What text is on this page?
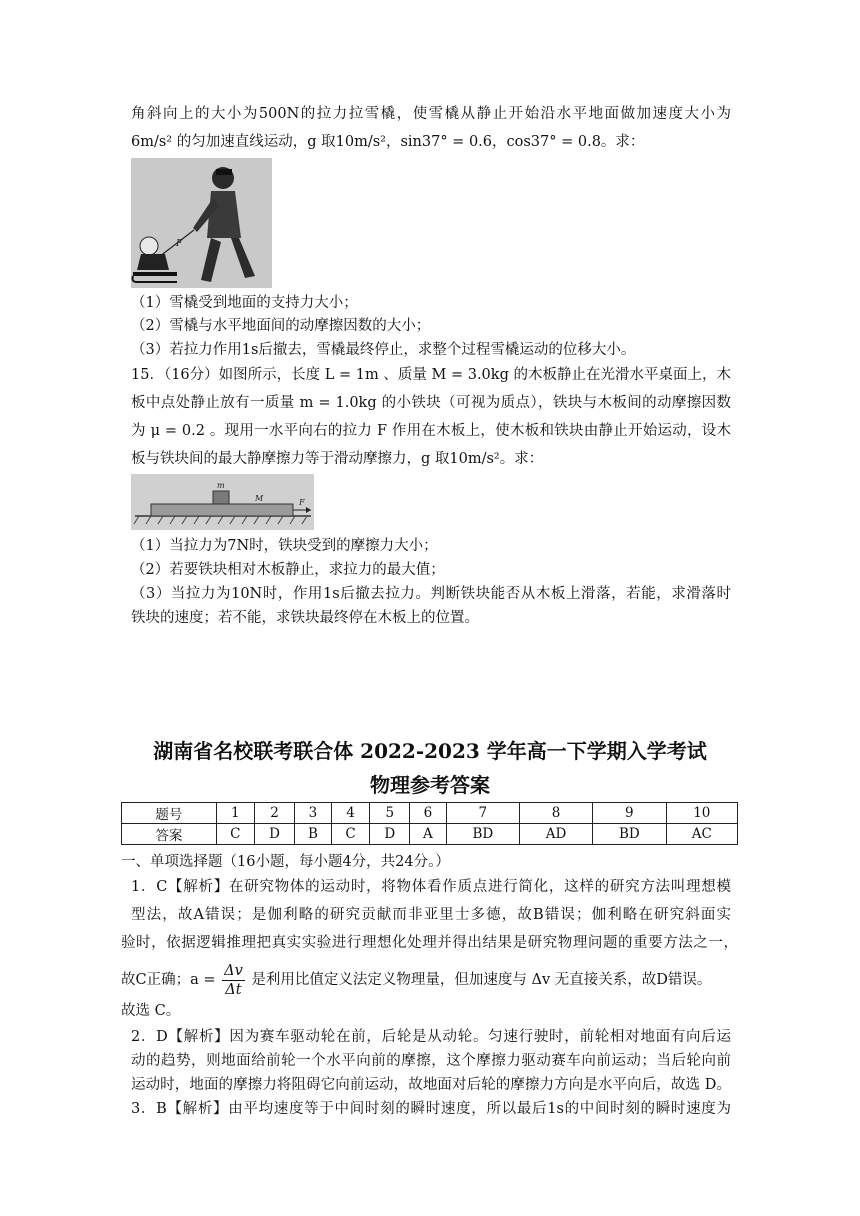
角斜向上的大小为500N的拉力拉雪橇，使雪橇从静止开始沿水平地面做加速度大小为
6m/s² 的匀加速直线运动，g 取10m/s²，sin37° = 0.6，cos37° = 0.8。求：
F
（1）雪橇受到地面的支持力大小；
（2）雪橇与水平地面间的动摩擦因数的大小；
（3）若拉力作用1s后撤去，雪橇最终停止，求整个过程雪橇运动的位移大小。
15．（16分）如图所示，长度 L = 1m 、质量 M = 3.0kg 的木板静止在光滑水平桌面上，木
板中点处静止放有一质量 m = 1.0kg 的小铁块（可视为质点），铁块与木板间的动摩擦因数
为 μ = 0.2 。现用一水平向右的拉力 F 作用在木板上，使木板和铁块由静止开始运动，设木
板与铁块间的最大静摩擦力等于滑动摩擦力，g 取10m/s²。求：
m
M	F
（1）当拉力为7N时，铁块受到的摩擦力大小；
（2）若要铁块相对木板静止，求拉力的最大值；
（3）当拉力为10N时，作用1s后撤去拉力。判断铁块能否从木板上滑落，若能，求滑落时
铁块的速度；若不能，求铁块最终停在木板上的位置。
湖南省名校联考联合体 2022-2023 学年高一下学期入学考试
物理参考答案
题号	1	2	3	4	5	6	7	8	9	10
答案	C	D	B	C	D	A	BD	AD	BD	AC
一、单项选择题（16小题，每小题4分，共24分。）
1．C【解析】在研究物体的运动时，将物体看作质点进行简化，这样的研究方法叫理想模
型法，故A错误；是伽利略的研究贡献而非亚里士多德，故B错误；伽利略在研究斜面实
验时，依据逻辑推理把真实实验进行理想化处理并得出结果是研究物理问题的重要方法之一，
故C正确；$a = \frac{\Delta v}{\Delta t}$ 是利用比值定义法定义物理量，但加速度与 Δv 无直接关系，故D错误。
故选 C。
2．D【解析】因为赛车驱动轮在前，后轮是从动轮。匀速行驶时，前轮相对地面有向后运
动的趋势，则地面给前轮一个水平向前的摩擦，这个摩擦力驱动赛车向前运动；当后轮向前
运动时，地面的摩擦力将阻碍它向前运动，故地面对后轮的摩擦力方向是水平向后，故选 D。
3．B【解析】由平均速度等于中间时刻的瞬时速度，所以最后1s的中间时刻的瞬时速度为
